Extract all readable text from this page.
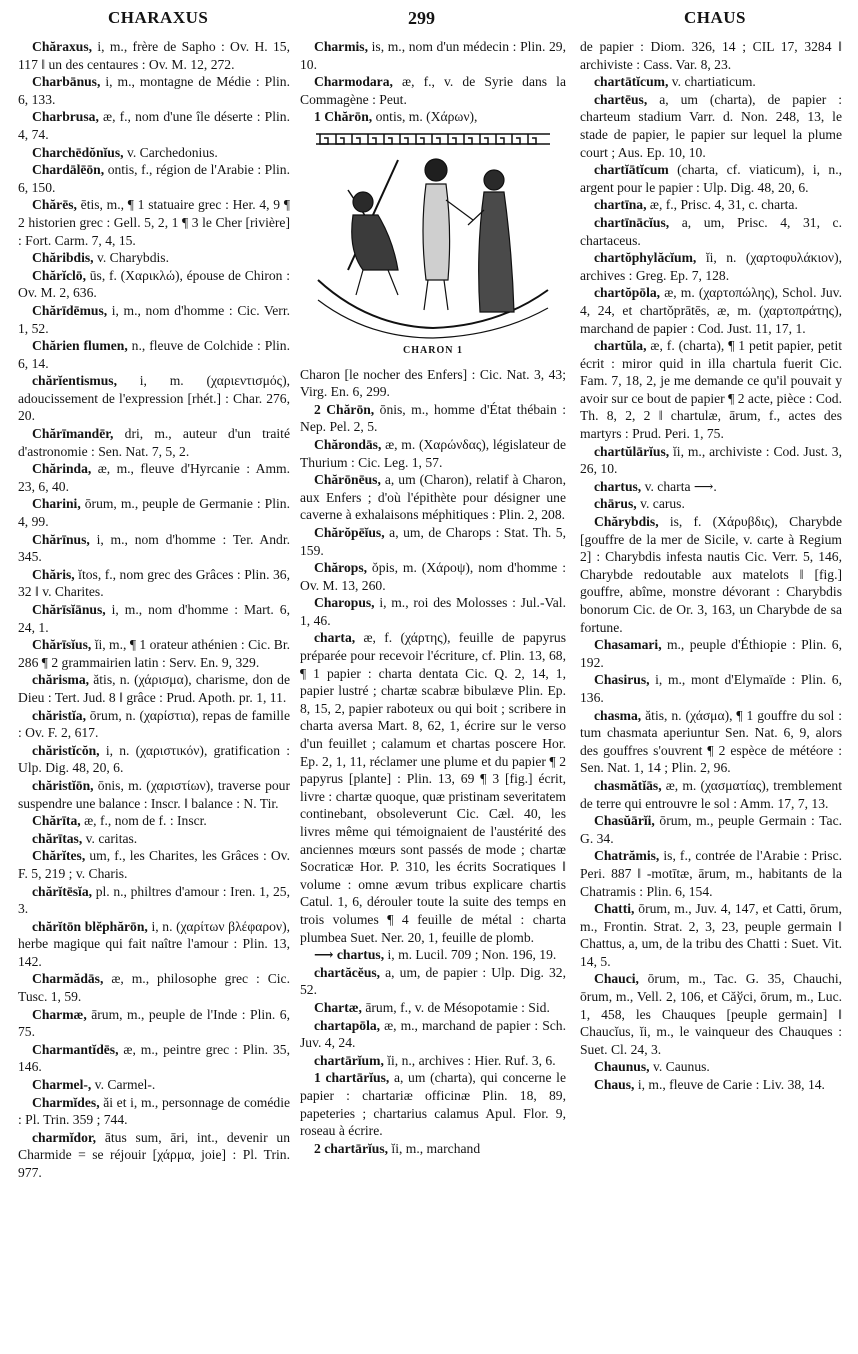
CHARAXUS	299	CHAUS

Chăraxus, i, m., frère de Sapho : Ov. H. 15, 117 ‖ un des centaures : Ov. M. 12, 272.

Charbānus, i, m., montagne de Médie : Plin. 6, 133.

Charbrusa, æ, f., nom d'une île déserte : Plin. 4, 74.

Charchēdŏnĭus, v. Carchedonius.

Chardālēōn, ontis, f., région de l'Arabie : Plin. 6, 150.

Chărēs, ētis, m., ¶ 1 statuaire grec : Her. 4, 9 ¶ 2 historien grec : Gell. 5, 2, 1 ¶ 3 le Cher [rivière] : Fort. Carm. 7, 4, 15.

Chăribdis, v. Charybdis.

Chărĭclō, ūs, f. (Χαρικλώ), épouse de Chiron : Ov. M. 2, 636.

Chărīdēmus, i, m., nom d'homme : Cic. Verr. 1, 52.

Chărien flumen, n., fleuve de Colchide : Plin. 6, 14.

chărĭentismus, i, m. (χαριεντισμός), adoucissement de l'expression [rhét.] : Char. 276, 20.

Chărīmandēr, dri, m., auteur d'un traité d'astronomie : Sen. Nat. 7, 5, 2.

Chărinda, æ, m., fleuve d'Hyrcanie : Amm. 23, 6, 40.

Charini, ōrum, m., peuple de Germanie : Plin. 4, 99.

Chărīnus, i, m., nom d'homme : Ter. Andr. 345.

Chăris, ĭtos, f., nom grec des Grâces : Plin. 36, 32 ‖ v. Charites.

Chărīsĭānus, i, m., nom d'homme : Mart. 6, 24, 1.

Chărīsĭus, ĭi, m., ¶ 1 orateur athénien : Cic. Br. 286 ¶ 2 grammairien latin : Serv. En. 9, 329.

chărisma, ătis, n. (χάρισμα), charisme, don de Dieu : Tert. Jud. 8 ‖ grâce : Prud. Apoth. pr. 1, 11.

chăristĭa, ōrum, n. (χαρίστια), repas de famille : Ov. F. 2, 617.

chăristĭcŏn, i, n. (χαριστικόν), gratification : Ulp. Dig. 48, 20, 6.

chăristĭōn, ōnis, m. (χαριστίων), traverse pour suspendre une balance : Inscr. ‖ balance : N. Tir.

Chărīta, æ, f., nom de f. : Inscr.

chărītas, v. caritas.

Chărĭtes, um, f., les Charites, les Grâces : Ov. F. 5, 219 ; v. Charis.

chărĭtēsĭa, pl. n., philtres d'amour : Iren. 1, 25, 3.

chărĭtōn blĕphărōn, i, n. (χαρίτων βλέφαρον), herbe magique qui fait naître l'amour : Plin. 13, 142.

Charmădās, æ, m., philosophe grec : Cic. Tusc. 1, 59.

Charmæ, ārum, m., peuple de l'Inde : Plin. 6, 75.

Charmantĭdēs, æ, m., peintre grec : Plin. 35, 146.

Charmel-, v. Carmel-.

Charmĭdes, ăi et i, m., personnage de comédie : Pl. Trin. 359 ; 744.

charmĭdor, ātus sum, āri, int., devenir un Charmide = se réjouir [χάρμα, joie] : Pl. Trin. 977.

Charmis, is, m., nom d'un médecin : Plin. 29, 10.

Charmodara, æ, f., v. de Syrie dans la Commagène : Peut.

1 Chărōn, ontis, m. (Χάρων),

CHARON 1

Charon [le nocher des Enfers] : Cic. Nat. 3, 43; Virg. En. 6, 299.

2 Chărōn, ōnis, m., homme d'État thébain : Nep. Pel. 2, 5.

Chărondās, æ, m. (Χαρώνδας), législateur de Thurium : Cic. Leg. 1, 57.

Chărōnēus, a, um (Charon), relatif à Charon, aux Enfers ; d'où l'épithète pour désigner une caverne à exhalaisons méphitiques : Plin. 2, 208.

Chărŏpēĭus, a, um, de Charops : Stat. Th. 5, 159.

Chărops, ŏpis, m. (Χάροψ), nom d'homme : Ov. M. 13, 260.

Charopus, i, m., roi des Molosses : Jul.-Val. 1, 46.

charta, æ, f. (χάρτης), feuille de papyrus préparée pour recevoir l'écriture, cf. Plin. 13, 68, ¶ 1 papier : charta dentata Cic. Q. 2, 14, 1, papier lustré ; chartæ scabræ bibulæve Plin. Ep. 8, 15, 2, papier raboteux ou qui boit ; scribere in charta aversa Mart. 8, 62, 1, écrire sur le verso d'un feuillet ; calamum et chartas poscere Hor. Ep. 2, 1, 11, réclamer une plume et du papier ¶ 2 papyrus [plante] : Plin. 13, 69 ¶ 3 [fig.] écrit, livre : chartæ quoque, quæ pristinam severitatem continebant, obsoleverunt Cic. Cæl. 40, les livres même qui témoignaient de l'austérité des anciennes mœurs sont passés de mode ; chartæ Socraticæ Hor. P. 310, les écrits Socratiques ‖ volume : omne ævum tribus explicare chartis Catul. 1, 6, dérouler toute la suite des temps en trois volumes ¶ 4 feuille de métal : charta plumbea Suet. Ner. 20, 1, feuille de plomb.

⟶ chartus, i, m. Lucil. 709 ; Non. 196, 19.

chartăcĕus, a, um, de papier : Ulp. Dig. 32, 52.

Chartæ, ārum, f., v. de Mésopotamie : Sid.

chartapōla, æ, m., marchand de papier : Sch. Juv. 4, 24.

chartārĭum, ĭi, n., archives : Hier. Ruf. 3, 6.

1 chartārĭus, a, um (charta), qui concerne le papier : chartariæ officinæ Plin. 18, 89, papeteries ; chartarius calamus Apul. Flor. 9, roseau à écrire.

2 chartārĭus, ĭi, m., marchand

de papier : Diom. 326, 14 ; CIL 17, 3284 ‖ archiviste : Cass. Var. 8, 23.

chartātĭcum, v. chartiaticum.

chartēus, a, um (charta), de papier : charteum stadium Varr. d. Non. 248, 13, le stade de papier, le papier sur lequel la plume court ; Aus. Ep. 10, 10.

chartĭātĭcum (charta, cf. viaticum), i, n., argent pour le papier : Ulp. Dig. 48, 20, 6.

chartīna, æ, f., Prisc. 4, 31, c. charta.

chartīnācĭus, a, um, Prisc. 4, 31, c. chartaceus.

chartŏphylăcĭum, ĭi, n. (χαρτοφυλάκιον), archives : Greg. Ep. 7, 128.

chartŏpōla, æ, m. (χαρτοπώλης), Schol. Juv. 4, 24, et chartŏprātēs, æ, m. (χαρτοπράτης), marchand de papier : Cod. Just. 11, 17, 1.

chartŭla, æ, f. (charta), ¶ 1 petit papier, petit écrit : miror quid in illa chartula fuerit Cic. Fam. 7, 18, 2, je me demande ce qu'il pouvait y avoir sur ce bout de papier ¶ 2 acte, pièce : Cod. Th. 8, 2, 2 ‖ chartulæ, ārum, f., actes des martyrs : Prud. Peri. 1, 75.

chartŭlārĭus, ĭi, m., archiviste : Cod. Just. 3, 26, 10.

chartus, v. charta ⟶.

chārus, v. carus.

Chărybdis, is, f. (Χάρυβδις), Charybde [gouffre de la mer de Sicile, v. carte à Regium 2] : Charybdis infesta nautis Cic. Verr. 5, 146, Charybde redoutable aux matelots ‖ [fig.] gouffre, abîme, monstre dévorant : Charybdis bonorum Cic. de Or. 3, 163, un Charybde de sa fortune.

Chasamari, m., peuple d'Éthiopie : Plin. 6, 192.

Chasirus, i, m., mont d'Elymaïde : Plin. 6, 136.

chasma, ătis, n. (χάσμα), ¶ 1 gouffre du sol : tum chasmata aperiuntur Sen. Nat. 6, 9, alors des gouffres s'ouvrent ¶ 2 espèce de météore : Sen. Nat. 1, 14 ; Plin. 2, 96.

chasmătĭās, æ, m. (χασματίας), tremblement de terre qui entrouvre le sol : Amm. 17, 7, 13.

Chasŭārĭi, ōrum, m., peuple Germain : Tac. G. 34.

Chatrămis, is, f., contrée de l'Arabie : Prisc. Peri. 887 ‖ -motītæ, ārum, m., habitants de la Chatramis : Plin. 6, 154.

Chatti, ōrum, m., Juv. 4, 147, et Catti, ōrum, m., Frontin. Strat. 2, 3, 23, peuple germain ‖ Chattus, a, um, de la tribu des Chatti : Suet. Vit. 14, 5.

Chauci, ōrum, m., Tac. G. 35, Chauchi, ōrum, m., Vell. 2, 106, et Căўci, ōrum, m., Luc. 1, 458, les Chauques [peuple germain] ‖ Chaucĭus, ĭi, m., le vainqueur des Chauques : Suet. Cl. 24, 3.

Chaunus, v. Caunus.

Chaus, i, m., fleuve de Carie : Liv. 38, 14.
